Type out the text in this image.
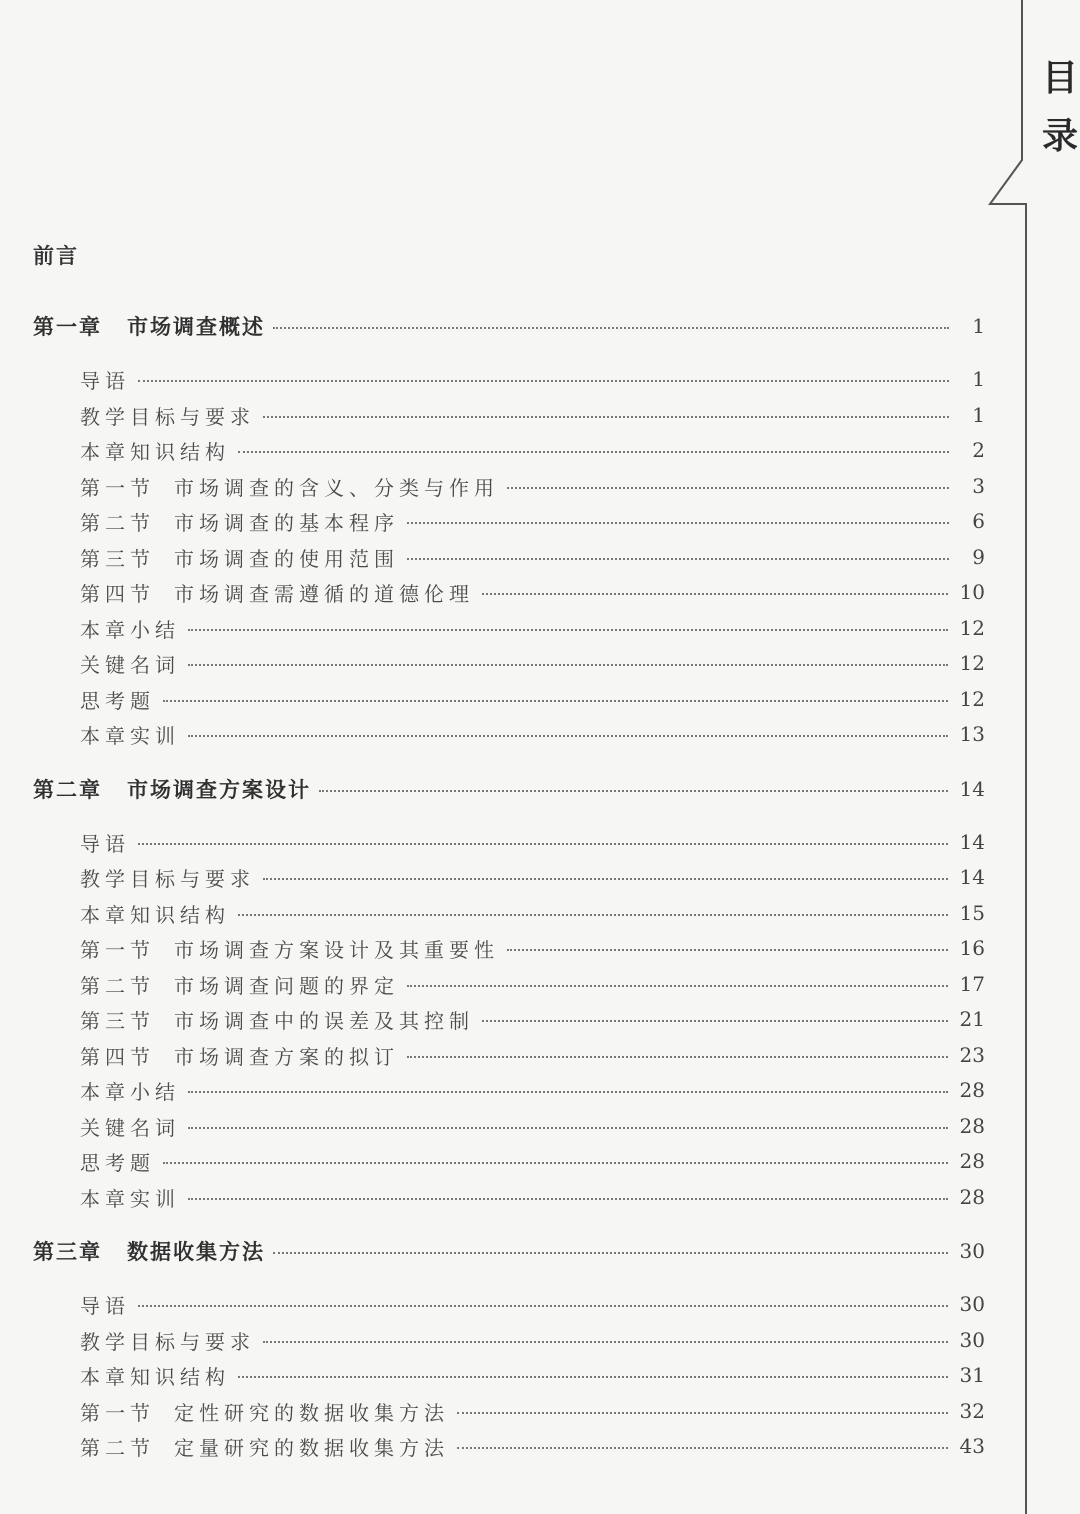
目
录
前言
第一章 市场调查概述	1
导语	1
教学目标与要求	1
本章知识结构	2
第一节 市场调查的含义、分类与作用	3
第二节 市场调查的基本程序	6
第三节 市场调查的使用范围	9
第四节 市场调查需遵循的道德伦理	10
本章小结	12
关键名词	12
思考题	12
本章实训	13
第二章 市场调查方案设计	14
导语	14
教学目标与要求	14
本章知识结构	15
第一节 市场调查方案设计及其重要性	16
第二节 市场调查问题的界定	17
第三节 市场调查中的误差及其控制	21
第四节 市场调查方案的拟订	23
本章小结	28
关键名词	28
思考题	28
本章实训	28
第三章 数据收集方法	30
导语	30
教学目标与要求	30
本章知识结构	31
第一节 定性研究的数据收集方法	32
第二节 定量研究的数据收集方法	43
